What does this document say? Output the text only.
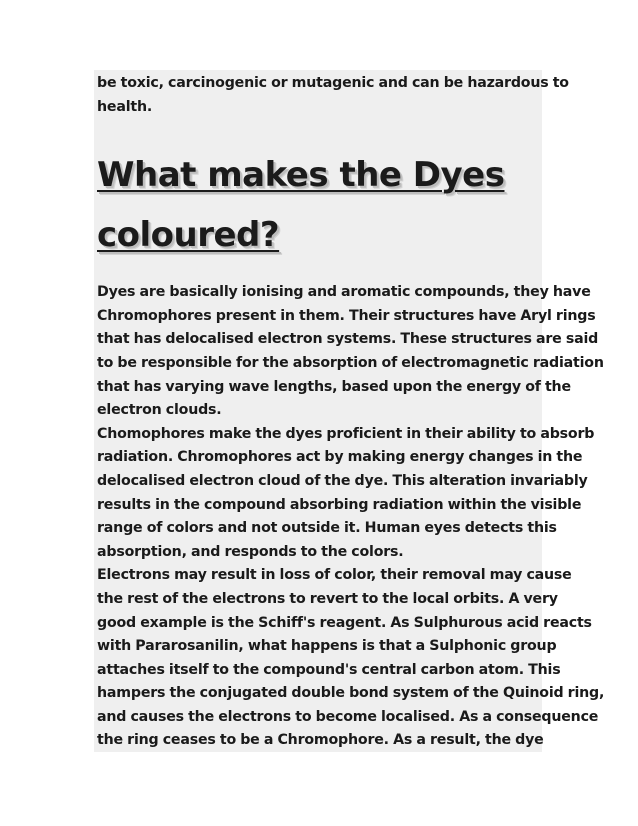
be toxic, carcinogenic or mutagenic and can be hazardous to
health.

What makes the Dyes
coloured?

Dyes are basically ionising and aromatic compounds, they have
Chromophores present in them. Their structures have Aryl rings
that has delocalised electron systems. These structures are said
to be responsible for the absorption of electromagnetic radiation
that has varying wave lengths, based upon the energy of the
electron clouds.

Chomophores make the dyes proficient in their ability to absorb
radiation. Chromophores act by making energy changes in the
delocalised electron cloud of the dye. This alteration invariably
results in the compound absorbing radiation within the visible
range of colors and not outside it. Human eyes detects this
absorption, and responds to the colors.

Electrons may result in loss of color, their removal may cause
the rest of the electrons to revert to the local orbits. A very
good example is the Schiff's reagent. As Sulphurous acid reacts
with Pararosanilin, what happens is that a Sulphonic group
attaches itself to the compound's central carbon atom. This
hampers the conjugated double bond system of the Quinoid ring,
and causes the electrons to become localised. As a consequence
the ring ceases to be a Chromophore. As a result, the dye
